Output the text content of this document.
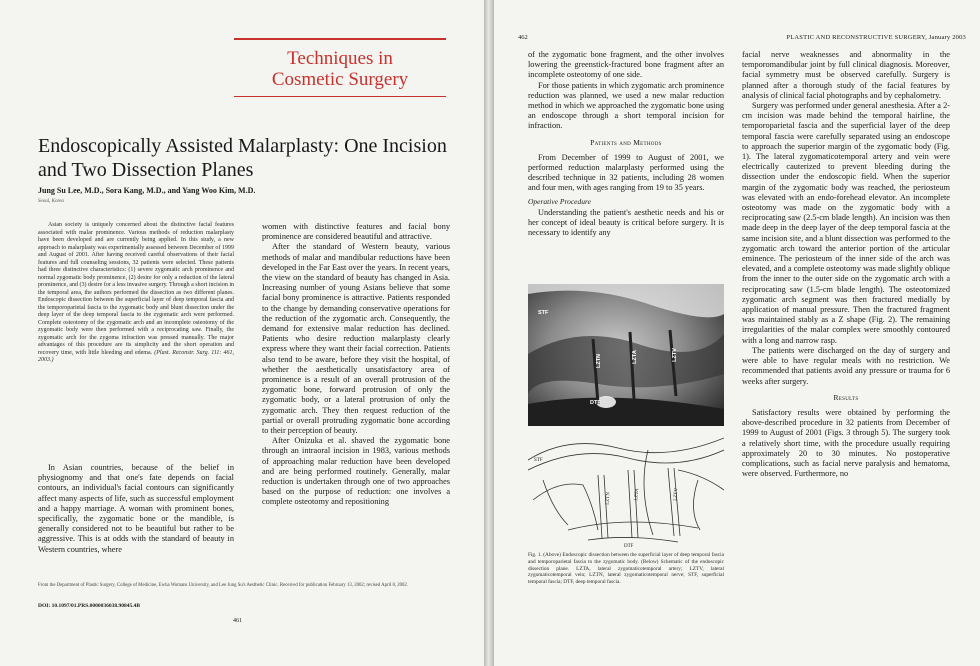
Techniques in
Cosmetic Surgery
Endoscopically Assisted Malarplasty: One Incision and Two Dissection Planes
Jung Su Lee, M.D., Sora Kang, M.D., and Yang Woo Kim, M.D.
Seoul, Korea

Asian society is uniquely concerned about the distinctive facial features associated with malar prominence. Various methods of reduction malarplasty have been developed and are currently being applied. In this study, a new approach to malarplasty was experimentally assessed between December of 1999 and August of 2001. After having received careful observations of their facial features and full counseling sessions, 32 patients were selected. These patients had three distinctive characteristics: (1) severe zygomatic arch prominence and normal zygomatic body prominence, (2) desire for only a reduction of the lateral prominence, and (3) desire for a less invasive surgery. Through a short incision in the temporal area, the authors performed the dissection as two different planes. Endoscopic dissection between the superficial layer of deep temporal fascia and the temporoparietal fascia to the zygomatic body and blunt dissection under the deep layer of the deep temporal fascia to the zygomatic arch were performed. Complete osteotomy of the zygomatic arch and an incomplete osteotomy of the zygomatic body were then performed with a reciprocating saw. Finally, the zygomatic arch for the zygoma infraction was pressed manually. The major advantages of this procedure are its simplicity and the short operation and recovery time, with little bleeding and edema. (Plast. Reconstr. Surg. 111: 461, 2003.)

In Asian countries, because of the belief in physiognomy and that one's fate depends on facial contours, an individual's facial contours can significantly affect many aspects of life, such as successful employment and a happy marriage. A woman with prominent bones, specifically, the zygomatic bone or the mandible, is generally considered not to be beautiful but rather to be aggressive. This is at odds with the standard of beauty in Western countries, where

women with distinctive features and facial bony prominence are considered beautiful and attractive.

After the standard of Western beauty, various methods of malar and mandibular reductions have been developed in the Far East over the years. In recent years, the view on the standard of beauty has changed in Asia. Increasing number of young Asians believe that some facial bony prominence is attractive. Patients responded to the change by demanding conservative operations for the reduction of the zygomatic arch. Consequently, the demand for extensive malar reduction has declined. Patients who desire reduction malarplasty clearly express where they want their facial correction. Patients also tend to be aware, before they visit the hospital, of whether the aesthetically unsatisfactory area of prominence is a result of an overall protrusion of the zygomatic bone, forward protrusion of only the zygomatic body, or a lateral protrusion of only the zygomatic arch. They then request reduction of the partial or overall protruding zygomatic bone according to their perception of beauty.

After Onizuka et al. shaved the zygomatic bone through an intraoral incision in 1983, various methods of approaching malar reduction have been developed and are being performed routinely. Generally, malar reduction is undertaken through one of two approaches based on the purpose of reduction: one involves a complete osteotomy and repositioning

From the Department of Plastic Surgery, College of Medicine, Ewha Womans University, and Lee Jung Su's Aesthetic Clinic. Received for publication February 13, 2002; revised April 8, 2002.
DOI: 10.1097/01.PRS.0000036038.90845.4B
461
462	PLASTIC AND RECONSTRUCTIVE SURGERY, January 2003

of the zygomatic bone fragment, and the other involves lowering the greenstick-fractured bone fragment after an incomplete osteotomy of one side.

For those patients in which zygomatic arch prominence reduction was planned, we used a new malar reduction method in which we approached the zygomatic bone using an endoscope through a short temporal incision for infraction.

Patients and Methods

From December of 1999 to August of 2001, we performed reduction malarplasty performed using the described technique in 32 patients, including 28 women and four men, with ages ranging from 19 to 35 years.

Operative Procedure

Understanding the patient's aesthetic needs and his or her concept of ideal beauty is critical before surgery. It is necessary to identify any

STF
LZTN	LZTA	LZTV
DTF
STF
LZTN	LZTA	LZTV
DTF

Fig. 1. (Above) Endoscopic dissection between the superficial layer of deep temporal fascia and temporoparietal fascia to the zygomatic body. (Below) Schematic of the endoscopic dissection plane. LZTA, lateral zygomaticotemporal artery; LZTV, lateral zygomaticotemporal vein; LZTN, lateral zygomaticotemporal nerve; STF, superficial temporal fascia; DTF, deep temporal fascia.

facial nerve weaknesses and abnormality in the temporomandibular joint by full clinical diagnosis. Moreover, facial symmetry must be observed carefully. Surgery is planned after a thorough study of the facial features by analysis of clinical facial photographs and by cephalometry.

Surgery was performed under general anesthesia. After a 2-cm incision was made behind the temporal hairline, the temporoparietal fascia and the superficial layer of the deep temporal fascia were carefully separated using an endoscope to approach the superior margin of the zygomatic body (Fig. 1). The lateral zygomaticotemporal artery and vein were electrically cauterized to prevent bleeding during the dissection under the endoscopic field. When the superior margin of the zygomatic body was reached, the periosteum was elevated with an endo-forehead elevator. An incomplete osteotomy was made on the zygomatic body with a reciprocating saw (2.5-cm blade length). An incision was then made deep in the deep layer of the deep temporal fascia at the same incision site, and a blunt dissection was performed to the zygomatic arch toward the anterior portion of the articular eminence. The periosteum of the inner side of the arch was elevated, and a complete osteotomy was made slightly oblique from the inner to the outer side on the zygomatic arch with a reciprocating saw (1.5-cm blade length). The osteotomized zygomatic arch segment was then fractured medially by application of manual pressure. Then the fractured fragment was maintained stably as a Z shape (Fig. 2). The remaining irregularities of the malar complex were smoothly contoured with a long and narrow rasp.

The patients were discharged on the day of surgery and were able to have regular meals with no restriction. We recommended that patients avoid any pressure or trauma for 6 weeks after surgery.

Results

Satisfactory results were obtained by performing the above-described procedure in 32 patients from December of 1999 to August of 2001 (Figs. 3 through 5). The surgery took a relatively short time, with the procedure usually requiring approximately 20 to 30 minutes. No postoperative complications, such as facial nerve paralysis and hematoma, were observed. Furthermore, no
